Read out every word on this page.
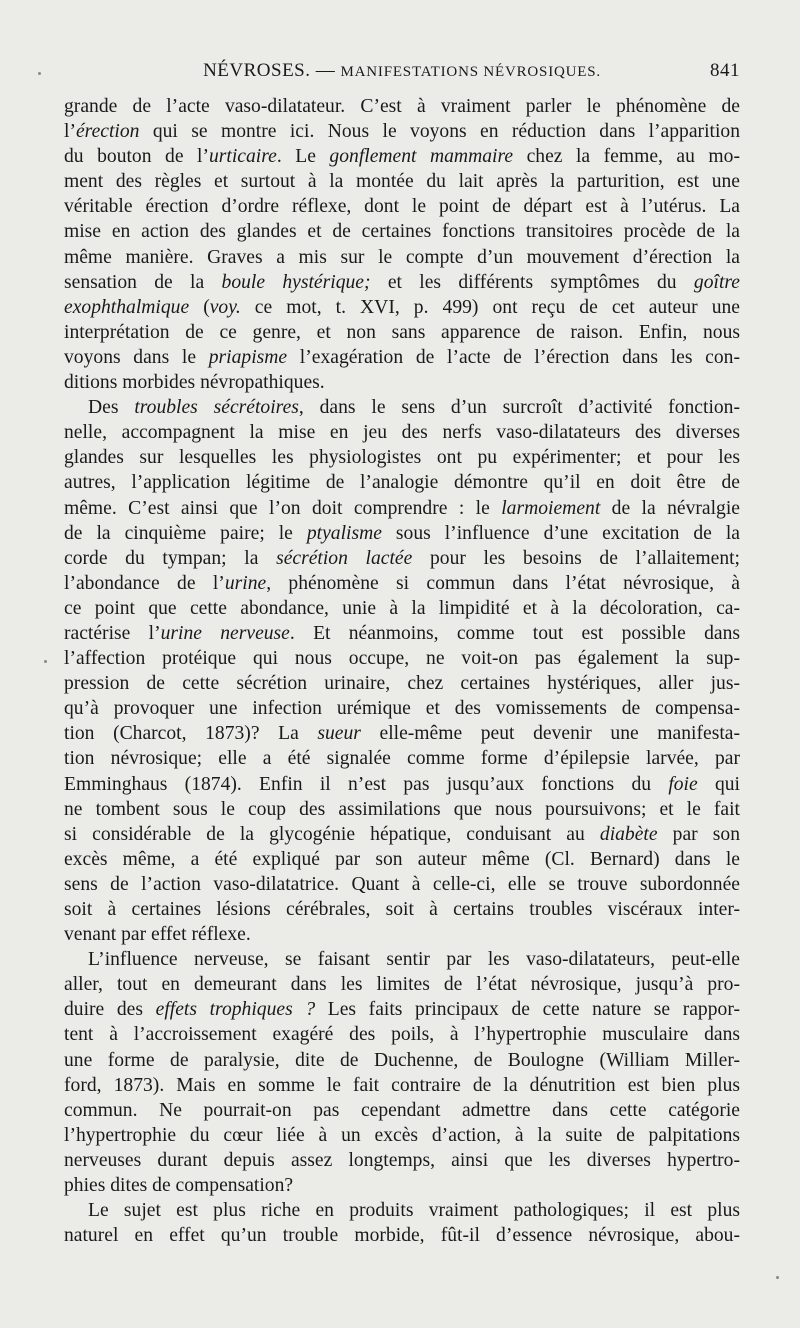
NÉVROSES. — MANIFESTATIONS NÉVROSIQUES.	841
grande de l’acte vaso-dilatateur. C’est à vraiment parler le phénomène de
l’érection qui se montre ici. Nous le voyons en réduction dans l’apparition
du bouton de l’urticaire. Le gonflement mammaire chez la femme, au mo-
ment des règles et surtout à la montée du lait après la parturition, est une
véritable érection d’ordre réflexe, dont le point de départ est à l’utérus. La
mise en action des glandes et de certaines fonctions transitoires procède de la
même manière. Graves a mis sur le compte d’un mouvement d’érection la
sensation de la boule hystérique; et les différents symptômes du goître
exophthalmique (voy. ce mot, t. XVI, p. 499) ont reçu de cet auteur une
interprétation de ce genre, et non sans apparence de raison. Enfin, nous
voyons dans le priapisme l’exagération de l’acte de l’érection dans les con-
ditions morbides névropathiques.
Des troubles sécrétoires, dans le sens d’un surcroît d’activité fonction-
nelle, accompagnent la mise en jeu des nerfs vaso-dilatateurs des diverses
glandes sur lesquelles les physiologistes ont pu expérimenter; et pour les
autres, l’application légitime de l’analogie démontre qu’il en doit être de
même. C’est ainsi que l’on doit comprendre : le larmoiement de la névralgie
de la cinquième paire; le ptyalisme sous l’influence d’une excitation de la
corde du tympan; la sécrétion lactée pour les besoins de l’allaitement;
l’abondance de l’urine, phénomène si commun dans l’état névrosique, à
ce point que cette abondance, unie à la limpidité et à la décoloration, ca-
ractérise l’urine nerveuse. Et néanmoins, comme tout est possible dans
l’affection protéique qui nous occupe, ne voit-on pas également la sup-
pression de cette sécrétion urinaire, chez certaines hystériques, aller jus-
qu’à provoquer une infection urémique et des vomissements de compensa-
tion (Charcot, 1873)? La sueur elle-même peut devenir une manifesta-
tion névrosique; elle a été signalée comme forme d’épilepsie larvée, par
Emminghaus (1874). Enfin il n’est pas jusqu’aux fonctions du foie qui
ne tombent sous le coup des assimilations que nous poursuivons; et le fait
si considérable de la glycogénie hépatique, conduisant au diabète par son
excès même, a été expliqué par son auteur même (Cl. Bernard) dans le
sens de l’action vaso-dilatatrice. Quant à celle-ci, elle se trouve subordonnée
soit à certaines lésions cérébrales, soit à certains troubles viscéraux inter-
venant par effet réflexe.
L’influence nerveuse, se faisant sentir par les vaso-dilatateurs, peut-elle
aller, tout en demeurant dans les limites de l’état névrosique, jusqu’à pro-
duire des effets trophiques ? Les faits principaux de cette nature se rappor-
tent à l’accroissement exagéré des poils, à l’hypertrophie musculaire dans
une forme de paralysie, dite de Duchenne, de Boulogne (William Miller-
ford, 1873). Mais en somme le fait contraire de la dénutrition est bien plus
commun. Ne pourrait-on pas cependant admettre dans cette catégorie
l’hypertrophie du cœur liée à un excès d’action, à la suite de palpitations
nerveuses durant depuis assez longtemps, ainsi que les diverses hypertro-
phies dites de compensation?
Le sujet est plus riche en produits vraiment pathologiques; il est plus
naturel en effet qu’un trouble morbide, fût-il d’essence névrosique, abou-
